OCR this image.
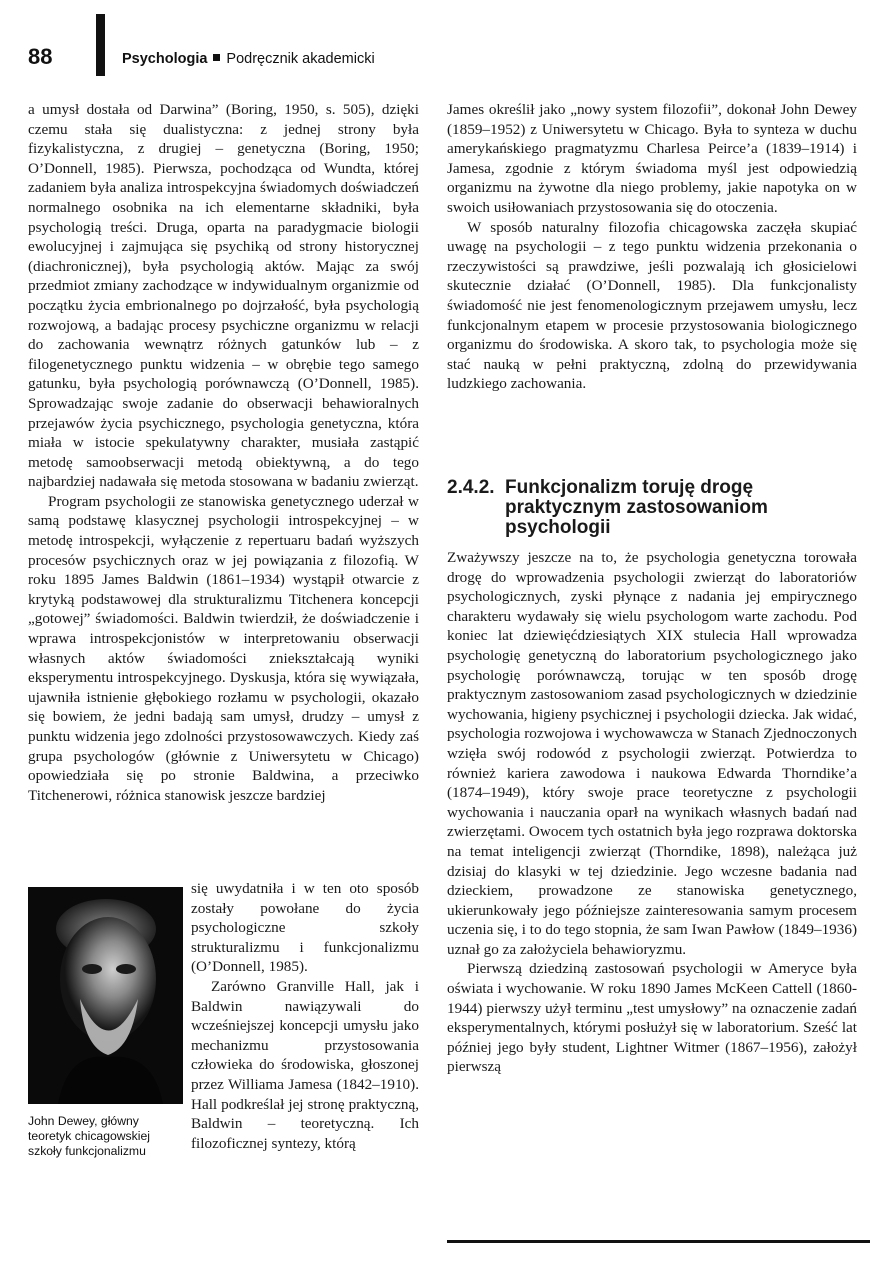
88	Psychologia Podręcznik akademicki

a umysł dostała od Darwina” (Boring, 1950, s. 505), dzięki czemu stała się dualistyczna: z jednej strony była fizykalistyczna, z drugiej – genetyczna (Boring, 1950; O’Donnell, 1985). Pierwsza, pochodząca od Wundta, której zadaniem była analiza introspekcyjna świadomych doświadczeń normalnego osobnika na ich elementarne składniki, była psychologią treści. Druga, oparta na paradygmacie biologii ewolucyjnej i zajmująca się psychiką od strony historycznej (diachronicznej), była psychologią aktów. Mając za swój przedmiot zmiany zachodzące w indywidualnym organizmie od początku życia embrionalnego po dojrzałość, była psychologią rozwojową, a badając procesy psychiczne organizmu w relacji do zachowania wewnątrz różnych gatunków lub – z filogenetycznego punktu widzenia – w obrębie tego samego gatunku, była psychologią porównawczą (O’Donnell, 1985). Sprowadzając swoje zadanie do obserwacji behawioralnych przejawów życia psychicznego, psychologia genetyczna, która miała w istocie spekulatywny charakter, musiała zastąpić metodę samoobserwacji metodą obiektywną, a do tego najbardziej nadawała się metoda stosowana w badaniu zwierząt.

Program psychologii ze stanowiska genetycznego uderzał w samą podstawę klasycznej psychologii introspekcyjnej – w metodę introspekcji, wyłączenie z repertuaru badań wyższych procesów psychicznych oraz w jej powiązania z filozofią. W roku 1895 James Baldwin (1861–1934) wystąpił otwarcie z krytyką podstawowej dla strukturalizmu Titchenera koncepcji „gotowej” świadomości. Baldwin twierdził, że doświadczenie i wprawa introspekcjonistów w interpretowaniu obserwacji własnych aktów świadomości zniekształcają wyniki eksperymentu introspekcyjnego. Dyskusja, która się wywiązała, ujawniła istnienie głębokiego rozłamu w psychologii, okazało się bowiem, że jedni badają sam umysł, drudzy – umysł z punktu widzenia jego zdolności przystosowawczych. Kiedy zaś grupa psychologów (głównie z Uniwersytetu w Chicago) opowiedziała się po stronie Baldwina, a przeciwko Titchenerowi, różnica stanowisk jeszcze bardziej

John Dewey, główny teoretyk chicagowskiej szkoły funkcjonalizmu

się uwydatniła i w ten oto sposób zostały powołane do życia psychologiczne szkoły strukturalizmu i funkcjonalizmu (O’Donnell, 1985).

Zarówno Granville Hall, jak i Baldwin nawiązywali do wcześniejszej koncepcji umysłu jako mechanizmu przystosowania człowieka do środowiska, głoszonej przez Williama Jamesa (1842–1910). Hall podkreślał jej stronę praktyczną, Baldwin – teoretyczną. Ich filozoficznej syntezy, którą

James określił jako „nowy system filozofii”, dokonał John Dewey (1859–1952) z Uniwersytetu w Chicago. Była to synteza w duchu amerykańskiego pragmatyzmu Charlesa Peirce’a (1839–1914) i Jamesa, zgodnie z którym świadoma myśl jest odpowiedzią organizmu na żywotne dla niego problemy, jakie napotyka on w swoich usiłowaniach przystosowania się do otoczenia.

W sposób naturalny filozofia chicagowska zaczęła skupiać uwagę na psychologii – z tego punktu widzenia przekonania o rzeczywistości są prawdziwe, jeśli pozwalają ich głosicielowi skutecznie działać (O’Donnell, 1985). Dla funkcjonalisty świadomość nie jest fenomenologicznym przejawem umysłu, lecz funkcjonalnym etapem w procesie przystosowania biologicznego organizmu do środowiska. A skoro tak, to psychologia może się stać nauką w pełni praktyczną, zdolną do przewidywania ludzkiego zachowania.

2.4.2. Funkcjonalizm toruję drogę praktycznym zastosowaniom psychologii

Zważywszy jeszcze na to, że psychologia genetyczna torowała drogę do wprowadzenia psychologii zwierząt do laboratoriów psychologicznych, zyski płynące z nadania jej empirycznego charakteru wydawały się wielu psychologom warte zachodu. Pod koniec lat dziewięćdziesiątych XIX stulecia Hall wprowadza psychologię genetyczną do laboratorium psychologicznego jako psychologię porównawczą, torując w ten sposób drogę praktycznym zastosowaniom zasad psychologicznych w dziedzinie wychowania, higieny psychicznej i psychologii dziecka. Jak widać, psychologia rozwojowa i wychowawcza w Stanach Zjednoczonych wzięła swój rodowód z psychologii zwierząt. Potwierdza to również kariera zawodowa i naukowa Edwarda Thorndike’a (1874–1949), który swoje prace teoretyczne z psychologii wychowania i nauczania oparł na wynikach własnych badań nad zwierzętami. Owocem tych ostatnich była jego rozprawa doktorska na temat inteligencji zwierząt (Thorndike, 1898), należąca już dzisiaj do klasyki w tej dziedzinie. Jego wczesne badania nad dzieckiem, prowadzone ze stanowiska genetycznego, ukierunkowały jego późniejsze zainteresowania samym procesem uczenia się, i to do tego stopnia, że sam Iwan Pawłow (1849–1936) uznał go za założyciela behawioryzmu.

Pierwszą dziedziną zastosowań psychologii w Ameryce była oświata i wychowanie. W roku 1890 James McKeen Cattell (1860-1944) pierwszy użył terminu „test umysłowy” na oznaczenie zadań eksperymentalnych, którymi posłużył się w laboratorium. Sześć lat później jego były student, Lightner Witmer (1867–1956), założył pierwszą
